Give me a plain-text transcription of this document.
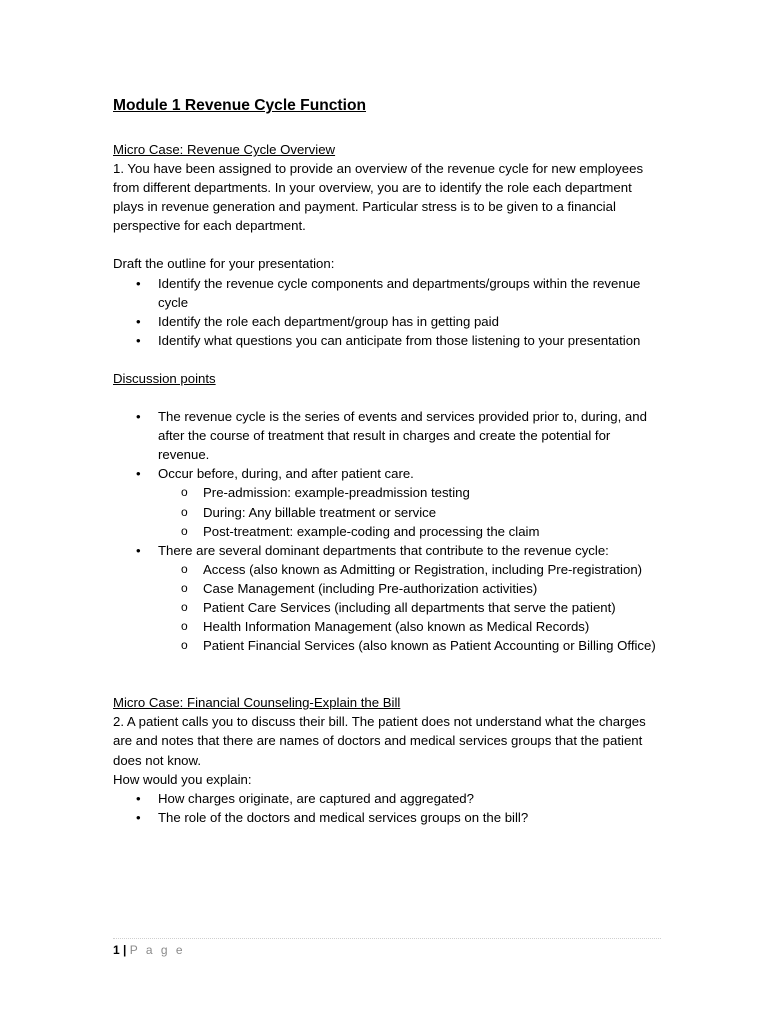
Module 1 Revenue Cycle Function

Micro Case: Revenue Cycle Overview

1. You have been assigned to provide an overview of the revenue cycle for new employees from different departments. In your overview, you are to identify the role each department plays in revenue generation and payment. Particular stress is to be given to a financial perspective for each department.

Draft the outline for your presentation:

• Identify the revenue cycle components and departments/groups within the revenue cycle
• Identify the role each department/group has in getting paid
• Identify what questions you can anticipate from those listening to your presentation

Discussion points

• The revenue cycle is the series of events and services provided prior to, during, and after the course of treatment that result in charges and create the potential for revenue.
• Occur before, during, and after patient care.
o Pre-admission: example-preadmission testing
o During: Any billable treatment or service
o Post-treatment: example-coding and processing the claim
• There are several dominant departments that contribute to the revenue cycle:
o Access (also known as Admitting or Registration, including Pre-registration)
o Case Management (including Pre-authorization activities)
o Patient Care Services (including all departments that serve the patient)
o Health Information Management (also known as Medical Records)
o Patient Financial Services (also known as Patient Accounting or Billing Office)

Micro Case: Financial Counseling-Explain the Bill

2. A patient calls you to discuss their bill. The patient does not understand what the charges are and notes that there are names of doctors and medical services groups that the patient does not know.

How would you explain:

• How charges originate, are captured and aggregated?
• The role of the doctors and medical services groups on the bill?
1 | P a g e
